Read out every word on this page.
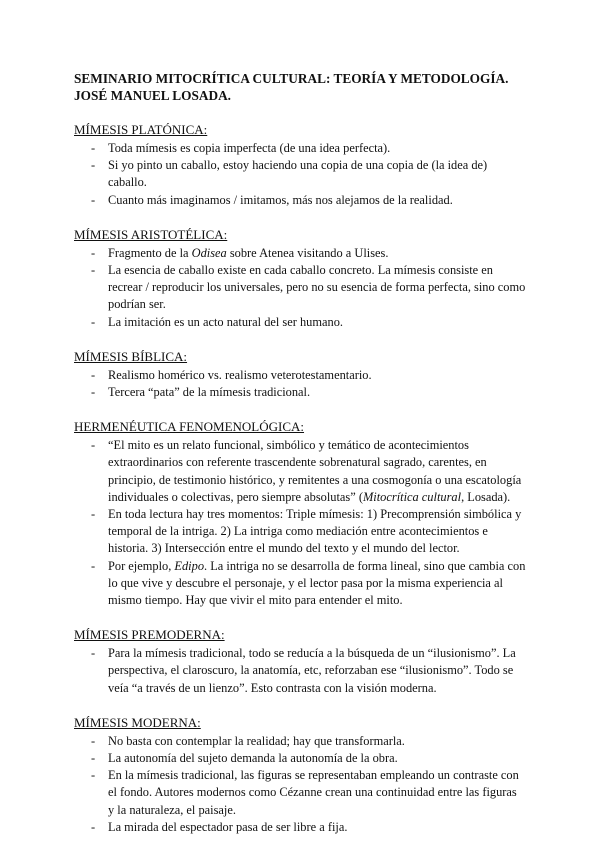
SEMINARIO MITOCRÍTICA CULTURAL: TEORÍA Y METODOLOGÍA.

JOSÉ MANUEL LOSADA.

MÍMESIS PLATÓNICA:

- Toda mímesis es copia imperfecta (de una idea perfecta).
- Si yo pinto un caballo, estoy haciendo una copia de una copia de (la idea de) caballo.
- Cuanto más imaginamos / imitamos, más nos alejamos de la realidad.

MÍMESIS ARISTOTÉLICA:

- Fragmento de la Odisea sobre Atenea visitando a Ulises.
- La esencia de caballo existe en cada caballo concreto. La mímesis consiste en recrear / reproducir los universales, pero no su esencia de forma perfecta, sino como podrían ser.
- La imitación es un acto natural del ser humano.

MÍMESIS BÍBLICA:

- Realismo homérico vs. realismo veterotestamentario.
- Tercera “pata” de la mímesis tradicional.

HERMENÉUTICA FENOMENOLÓGICA:

- “El mito es un relato funcional, simbólico y temático de acontecimientos extraordinarios con referente trascendente sobrenatural sagrado, carentes, en principio, de testimonio histórico, y remitentes a una cosmogonía o una escatología individuales o colectivas, pero siempre absolutas” (Mitocrítica cultural, Losada).
- En toda lectura hay tres momentos: Triple mímesis: 1) Precomprensión simbólica y temporal de la intriga. 2) La intriga como mediación entre acontecimientos e historia. 3) Intersección entre el mundo del texto y el mundo del lector.
- Por ejemplo, Edipo. La intriga no se desarrolla de forma lineal, sino que cambia con lo que vive y descubre el personaje, y el lector pasa por la misma experiencia al mismo tiempo. Hay que vivir el mito para entender el mito.

MÍMESIS PREMODERNA:

- Para la mímesis tradicional, todo se reducía a la búsqueda de un “ilusionismo”. La perspectiva, el claroscuro, la anatomía, etc, reforzaban ese “ilusionismo”. Todo se veía “a través de un lienzo”. Esto contrasta con la visión moderna.

MÍMESIS MODERNA:

- No basta con contemplar la realidad; hay que transformarla.
- La autonomía del sujeto demanda la autonomía de la obra.
- En la mímesis tradicional, las figuras se representaban empleando un contraste con el fondo. Autores modernos como Cézanne crean una continuidad entre las figuras y la naturaleza, el paisaje.
- La mirada del espectador pasa de ser libre a fija.
